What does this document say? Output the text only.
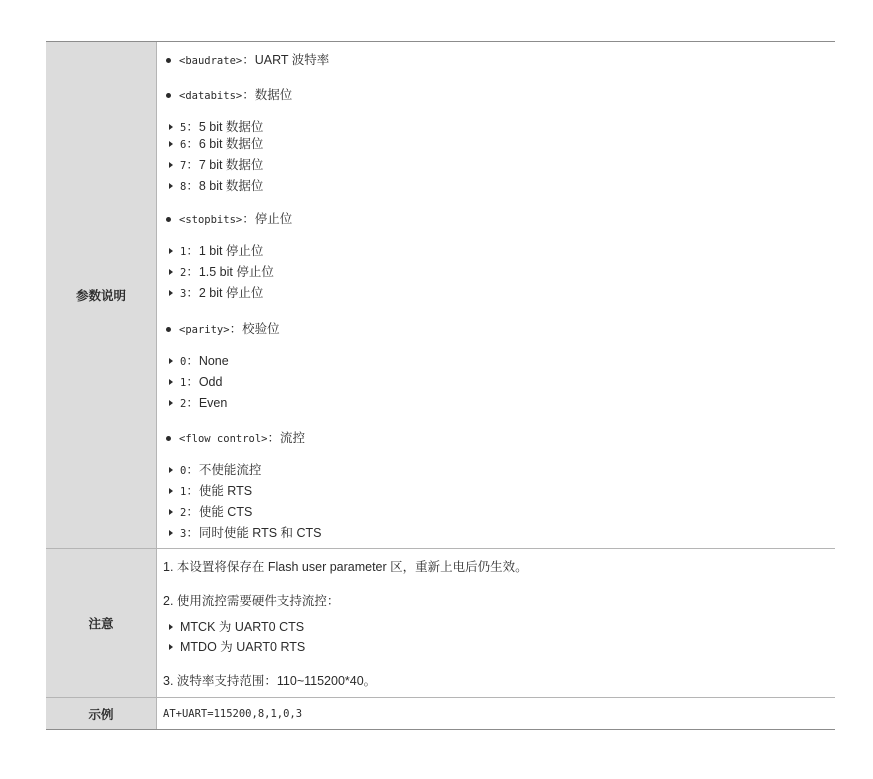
参数说明
<baudrate>：UART 波特率
<databits>：数据位
5：5 bit 数据位
6：6 bit 数据位
7：7 bit 数据位
8：8 bit 数据位
<stopbits>：停止位
1：1 bit 停止位
2：1.5 bit 停止位
3：2 bit 停止位
<parity>：校验位
0：None
1：Odd
2：Even
<flow control>：流控
0：不使能流控
1：使能 RTS
2：使能 CTS
3：同时使能 RTS 和 CTS
注意
1. 本设置将保存在 Flash user parameter 区，重新上电后仍生效。
2. 使用流控需要硬件支持流控：
MTCK 为 UART0 CTS
MTDO 为 UART0 RTS
3. 波特率支持范围：110~115200*40。
示例	AT+UART=115200,8,1,0,3
